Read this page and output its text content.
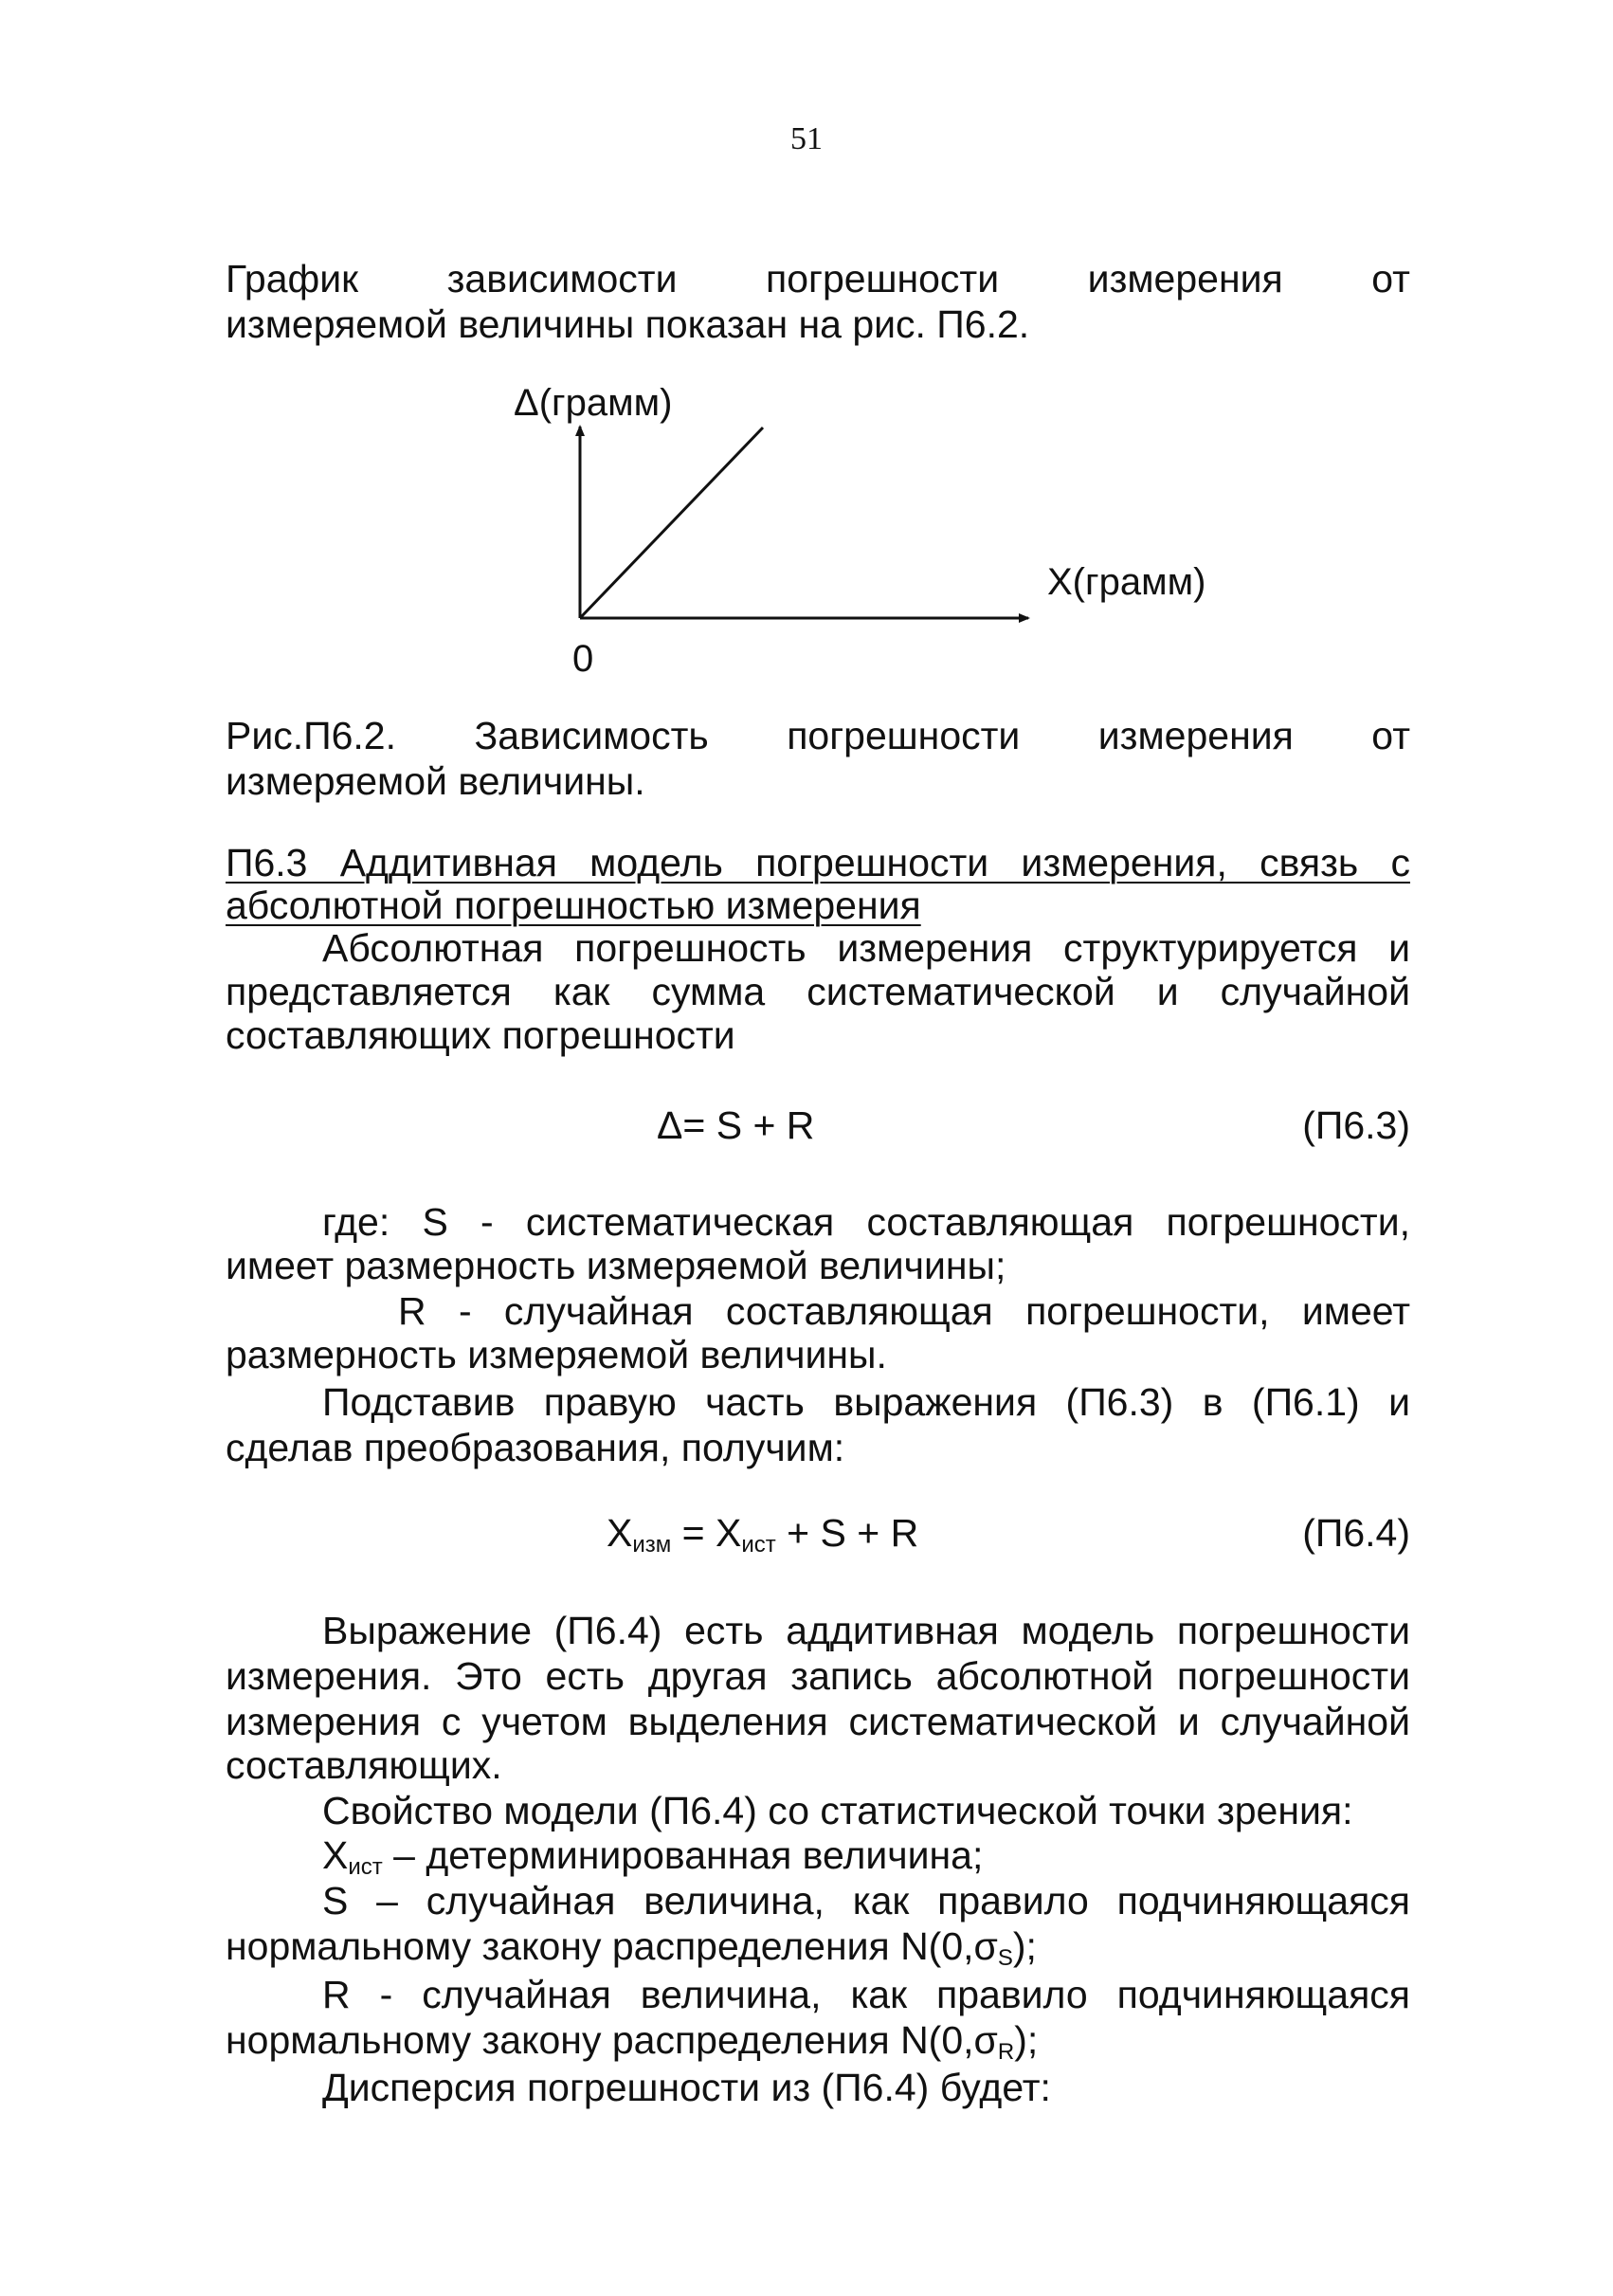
51
График зависимости погрешности измерения от
измеряемой величины показан на рис. П6.2.
Δ(грамм)
X(грамм)
0
Рис.П6.2. Зависимость погрешности измерения от
измеряемой величины.
П6.3 Аддитивная модель погрешности измерения, связь с
абсолютной погрешностью измерения
Абсолютная погрешность измерения структурируется и
представляется как сумма систематической и случайной
составляющих погрешности
Δ= S + R	(П6.3)
где: S - систематическая составляющая погрешности,
имеет размерность измеряемой величины;
R - случайная составляющая погрешности, имеет
размерность измеряемой величины.
Подставив правую часть выражения (П6.3) в (П6.1) и
сделав преобразования, получим:
$X_{изм} = X_{ист} + S + R$	(П6.4)
Выражение (П6.4) есть аддитивная модель погрешности
измерения. Это есть другая запись абсолютной погрешности
измерения с учетом выделения систематической и случайной
составляющих.
Свойство модели (П6.4) со статистической точки зрения:
$X_{ист}$ – детерминированная величина;
S – случайная величина, как правило подчиняющаяся
нормальному закону распределения $N(0,\sigma_S)$;
R - случайная величина, как правило подчиняющаяся
нормальному закону распределения $N(0,\sigma_R)$;
Дисперсия погрешности из (П6.4) будет:
